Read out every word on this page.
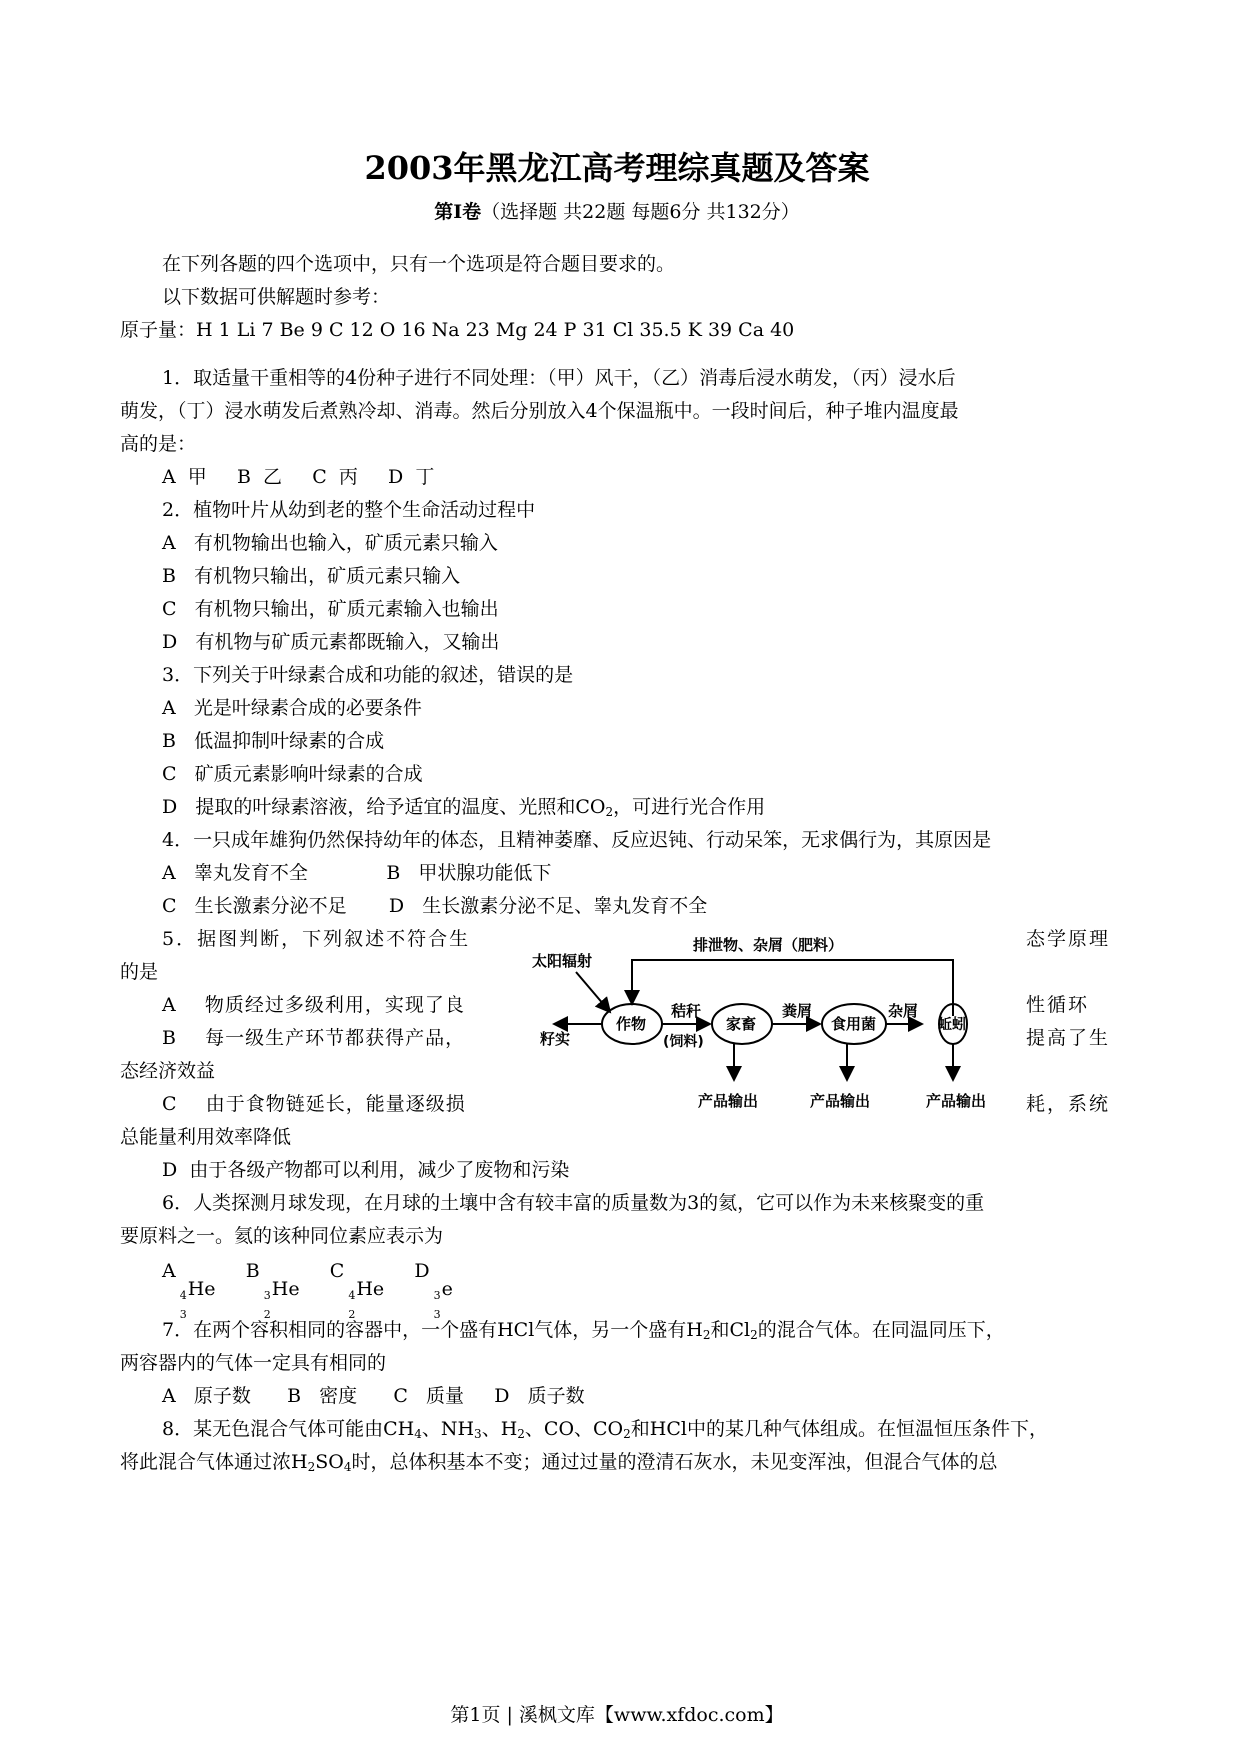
2003年黑龙江高考理综真题及答案
第Ⅰ卷（选择题 共22题 每题6分 共132分）
在下列各题的四个选项中，只有一个选项是符合题目要求的。
以下数据可供解题时参考：
原子量：H 1 Li 7 Be 9 C 12 O 16 Na 23 Mg 24 P 31 Cl 35.5 K 39 Ca 40
1．取适量干重相等的4份种子进行不同处理：（甲）风干，（乙）消毒后浸水萌发，（丙）浸水后
萌发，（丁）浸水萌发后煮熟冷却、消毒。然后分别放入4个保温瓶中。一段时间后，种子堆内温度最
高的是：
A  甲     B  乙     C  丙     D  丁
2．植物叶片从幼到老的整个生命活动过程中
A   有机物输出也输入，矿质元素只输入
B   有机物只输出，矿质元素只输入
C   有机物只输出，矿质元素输入也输出
D   有机物与矿质元素都既输入，又输出
3．下列关于叶绿素合成和功能的叙述，错误的是
A   光是叶绿素合成的必要条件
B   低温抑制叶绿素的合成
C   矿质元素影响叶绿素的合成
D   提取的叶绿素溶液，给予适宜的温度、光照和$CO_2$，可进行光合作用
4．一只成年雄狗仍然保持幼年的体态，且精神萎靡、反应迟钝、行动呆笨，无求偶行为，其原因是
A   睾丸发育不全             B   甲状腺功能低下
C   生长激素分泌不足       D   生长激素分泌不足、睾丸发育不全
5．据图判断，下列叙述不符合生	态学原理
的是
A    物质经过多级利用，实现了良	性循环
B    每一级生产环节都获得产品，	提高了生
态经济效益
C    由于食物链延长，能量逐级损	耗，系统
总能量利用效率降低
D  由于各级产物都可以利用，减少了废物和污染
排泄物、杂屑（肥料）
太阳辐射
作物
籽实
秸秆
(饲料)
家畜
粪屑
食用菌
杂屑
蚯蚓
产品输出	产品输出	产品输出
6．人类探测月球发现，在月球的土壤中含有较丰富的质量数为3的氦，它可以作为未来核聚变的重
要原料之一。氦的该种同位素应表示为
A
4 He
3
B
3 He
2
C
4 He
2
D
3 e
3
7．在两个容积相同的容器中，一个盛有HCl气体，另一个盛有$H_2$和$Cl_2$的混合气体。在同温同压下，
两容器内的气体一定具有相同的
A   原子数      B   密度      C   质量     D   质子数
8．某无色混合气体可能由$CH_4$、$NH_3$、$H_2$、CO、$CO_2$和HCl中的某几种气体组成。在恒温恒压条件下，
将此混合气体通过浓$H_2SO_4$时，总体积基本不变；通过过量的澄清石灰水，未见变浑浊，但混合气体的总
第1页 | 溪枫文库【www.xfdoc.com】
